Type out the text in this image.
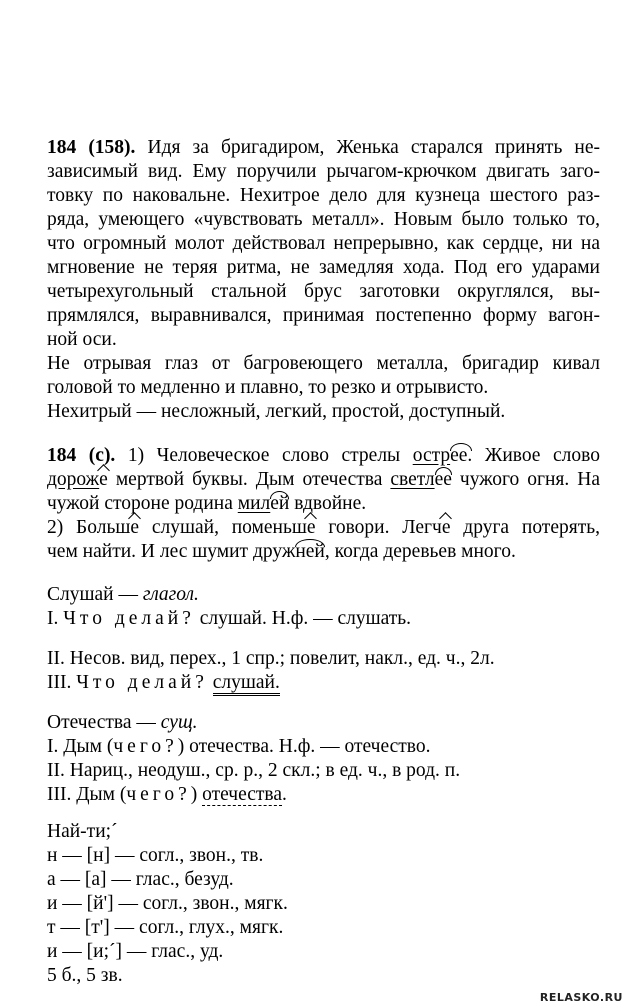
184 (158). Идя за бригадиром, Женька старался принять не-
зависимый вид. Ему поручили рычагом-крючком двигать заго-
товку по наковальне. Нехитрое дело для кузнеца шестого раз-
ряда, умеющего «чувствовать металл». Новым было только то,
что огромный молот действовал непрерывно, как сердце, ни на
мгновение не теряя ритма, не замедляя хода. Под его ударами
четырехугольный стальной брус заготовки округлялся, вы-
прямлялся, выравнивался, принимая постепенно форму вагон-
ной оси.
Не отрывая глаз от багровеющего металла, бригадир кивал
головой то медленно и плавно, то резко и отрывисто.
Нехитрый — несложный, легкий, простой, доступный.
184 (с). 1) Человеческое слово стрелы острее. Живое слово
дороже мертвой буквы. Дым отечества светлее чужого огня. На
чужой стороне родина милей вдвойне.
2) Больше слушай, поменьше говори. Легче друга потерять,
чем найти. И лес шумит дружней, когда деревьев много.
Слушай — глагол.
I. Что делай? слушай. Н.ф. — слушать.
II. Несов. вид, перех., 1 спр.; повелит, накл., ед. ч., 2л.
III. Что делай? слушай.
Отечества — сущ.
I. Дым (чего?) отечества. Н.ф. — отечество.
II. Нариц., неодуш., ср. р., 2 скл.; в ед. ч., в род. п.
III. Дым (чего?) отечества.
Най-ти;´
н — [н] — согл., звон., тв.
а — [а] — глас., безуд.
и — [й'] — согл., звон., мягк.
т — [т'] — согл., глух., мягк.
и — [и;´] — глас., уд.
5 б., 5 зв.
RELASKO.RU
